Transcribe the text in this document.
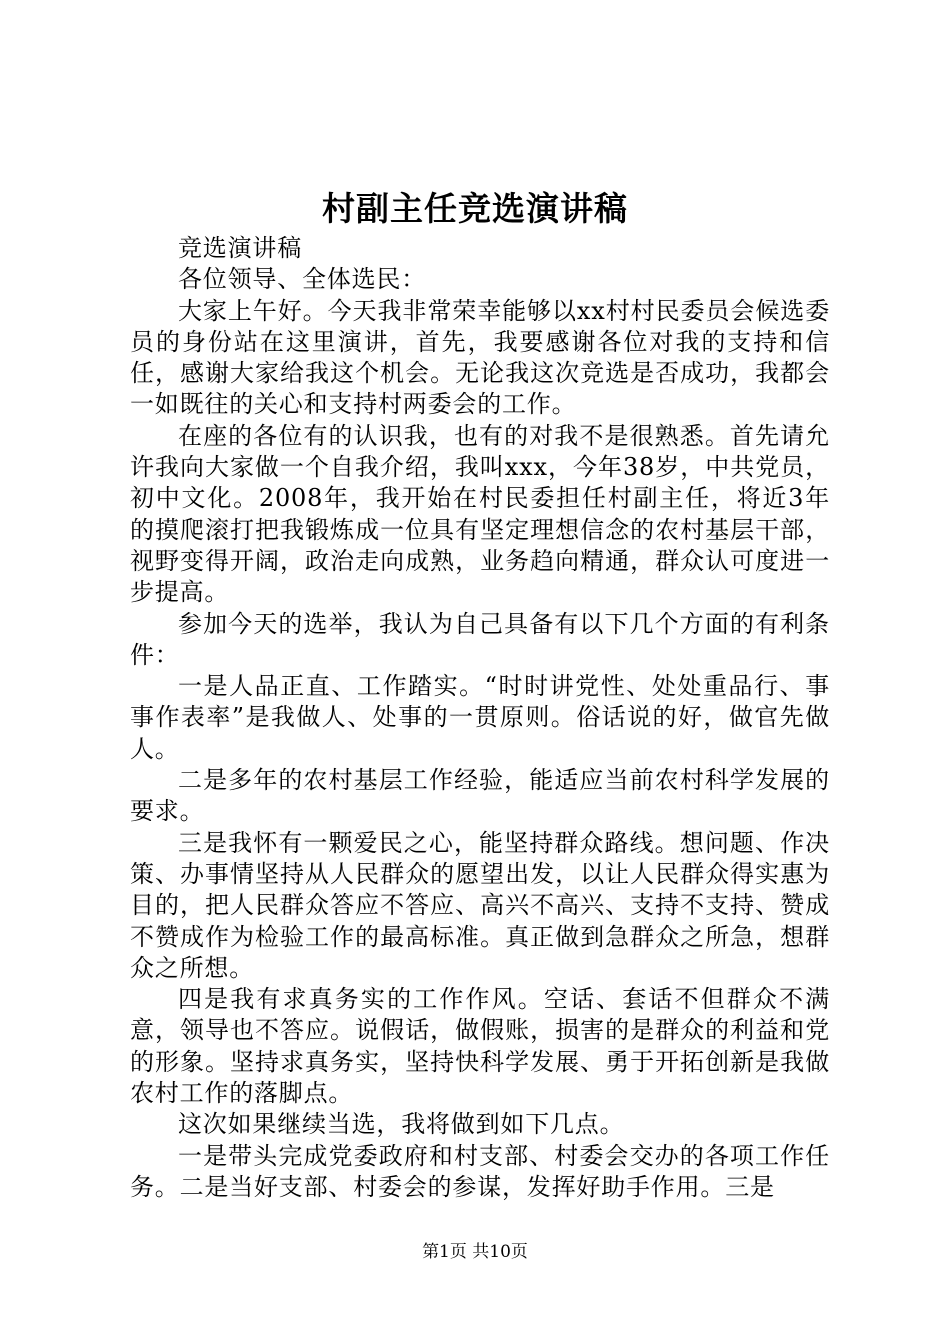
村副主任竞选演讲稿

竞选演讲稿

各位领导、全体选民：

大家上午好。今天我非常荣幸能够以xx村村民委员会候选委员的身份站在这里演讲，首先，我要感谢各位对我的支持和信任，感谢大家给我这个机会。无论我这次竞选是否成功，我都会一如既往的关心和支持村两委会的工作。

在座的各位有的认识我，也有的对我不是很熟悉。首先请允许我向大家做一个自我介绍，我叫xxx，今年38岁，中共党员，初中文化。2008年，我开始在村民委担任村副主任，将近3年的摸爬滚打把我锻炼成一位具有坚定理想信念的农村基层干部，视野变得开阔，政治走向成熟，业务趋向精通，群众认可度进一步提高。

参加今天的选举，我认为自己具备有以下几个方面的有利条件：

一是人品正直、工作踏实。“时时讲党性、处处重品行、事事作表率”是我做人、处事的一贯原则。俗话说的好，做官先做人。

二是多年的农村基层工作经验，能适应当前农村科学发展的要求。

三是我怀有一颗爱民之心，能坚持群众路线。想问题、作决策、办事情坚持从人民群众的愿望出发，以让人民群众得实惠为目的，把人民群众答应不答应、高兴不高兴、支持不支持、赞成不赞成作为检验工作的最高标准。真正做到急群众之所急，想群众之所想。

四是我有求真务实的工作作风。空话、套话不但群众不满意，领导也不答应。说假话，做假账，损害的是群众的利益和党的形象。坚持求真务实，坚持快科学发展、勇于开拓创新是我做农村工作的落脚点。

这次如果继续当选，我将做到如下几点。

一是带头完成党委政府和村支部、村委会交办的各项工作任务。二是当好支部、村委会的参谋，发挥好助手作用。三是

第1页 共10页
